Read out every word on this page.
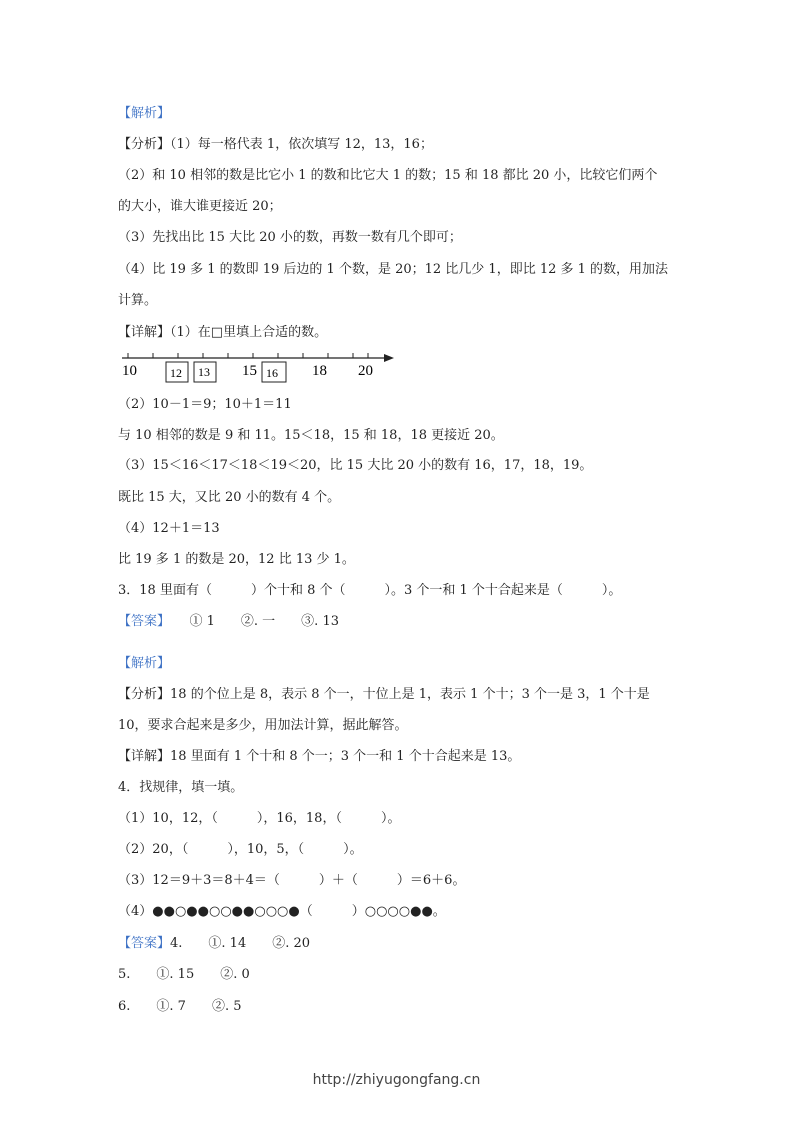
【解析】
【分析】（1）每一格代表 1，依次填写 12，13，16；
（2）和 10 相邻的数是比它小 1 的数和比它大 1 的数；15 和 18 都比 20 小，比较它们两个
的大小，谁大谁更接近 20；
（3）先找出比 15 大比 20 小的数，再数一数有几个即可；
（4）比 19 多 1 的数即 19 后边的 1 个数，是 20；12 比几少 1，即比 12 多 1 的数，用加法
计算。
【详解】（1）在□里填上合适的数。
10	15	18 20
12 13	16
（2）10－1＝9；10＋1＝11
与 10 相邻的数是 9 和 11。15＜18，15 和 18，18 更接近 20。
（3）15＜16＜17＜18＜19＜20，比 15 大比 20 小的数有 16，17，18，19。
既比 15 大，又比 20 小的数有 4 个。
（4）12＋1＝13
比 19 多 1 的数是 20，12 比 13 少 1。
3．18 里面有（　　　）个十和 8 个（　　　）。3 个一和 1 个十合起来是（　　　）。
【答案】　　① 1　　②. 一　　③. 13
【解析】
【分析】18 的个位上是 8，表示 8 个一，十位上是 1，表示 1 个十；3 个一是 3，1 个十是
10，要求合起来是多少，用加法计算，据此解答。
【详解】18 里面有 1 个十和 8 个一；3 个一和 1 个十合起来是 13。
4．找规律，填一填。
（1）10，12，（　　　），16，18，（　　　）。
（2）20，（　　　），10，5，（　　　）。
（3）12＝9＋3＝8＋4＝（　　　）＋（　　　）＝6＋6。
（4）●●○●●○○●●○○○●（　　　）○○○○●●。
【答案】4.　　①. 14　　②. 20
5.　　①. 15　　②. 0
6.　　①. 7　　②. 5
http://zhiyugongfang.cn
